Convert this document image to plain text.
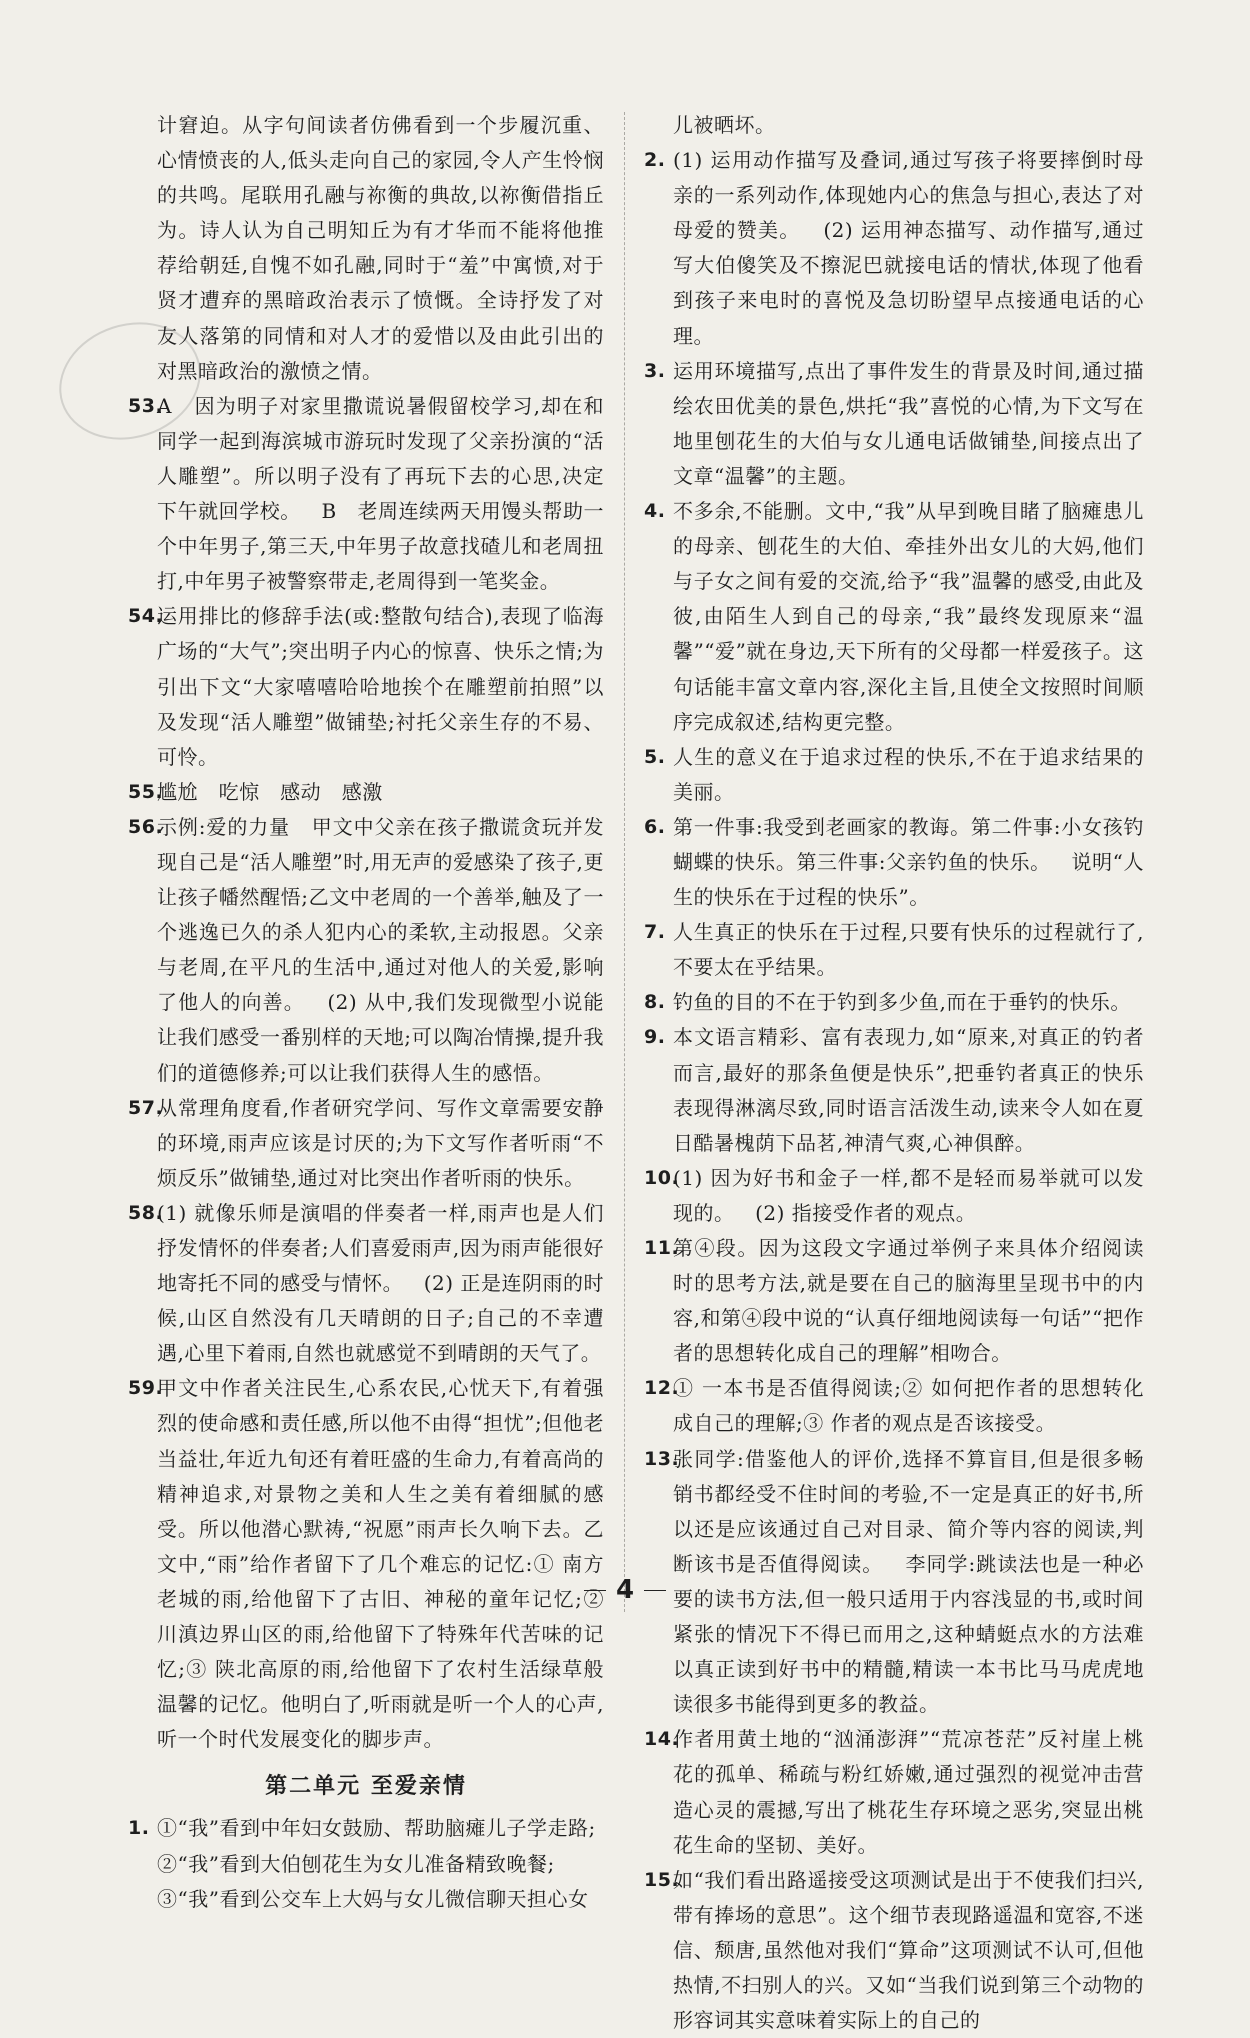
计窘迫。从字句间读者仿佛看到一个步履沉重、心情愤丧的人,低头走向自己的家园,令人产生怜悯的共鸣。尾联用孔融与祢衡的典故,以祢衡借指丘为。诗人认为自己明知丘为有才华而不能将他推荐给朝廷,自愧不如孔融,同时于“羞”中寓愤,对于贤才遭弃的黑暗政治表示了愤慨。全诗抒发了对友人落第的同情和对人才的爱惜以及由此引出的对黑暗政治的激愤之情。

53.
A   因为明子对家里撒谎说暑假留校学习,却在和同学一起到海滨城市游玩时发现了父亲扮演的“活人雕塑”。所以明子没有了再玩下去的心思,决定下午就回学校。   B   老周连续两天用馒头帮助一个中年男子,第三天,中年男子故意找碴儿和老周扭打,中年男子被警察带走,老周得到一笔奖金。
54.
运用排比的修辞手法(或:整散句结合),表现了临海广场的“大气”;突出明子内心的惊喜、快乐之情;为引出下文“大家嘻嘻哈哈地挨个在雕塑前拍照”以及发现“活人雕塑”做铺垫;衬托父亲生存的不易、可怜。
55.
尴尬   吃惊   感动   感激
56.
示例:爱的力量   甲文中父亲在孩子撒谎贪玩并发现自己是“活人雕塑”时,用无声的爱感染了孩子,更让孩子幡然醒悟;乙文中老周的一个善举,触及了一个逃逸已久的杀人犯内心的柔软,主动报恩。父亲与老周,在平凡的生活中,通过对他人的关爱,影响了他人的向善。   (2) 从中,我们发现微型小说能让我们感受一番别样的天地;可以陶冶情操,提升我们的道德修养;可以让我们获得人生的感悟。
57.
从常理角度看,作者研究学问、写作文章需要安静的环境,雨声应该是讨厌的;为下文写作者听雨“不烦反乐”做铺垫,通过对比突出作者听雨的快乐。
58.
(1) 就像乐师是演唱的伴奏者一样,雨声也是人们抒发情怀的伴奏者;人们喜爱雨声,因为雨声能很好地寄托不同的感受与情怀。   (2) 正是连阴雨的时候,山区自然没有几天晴朗的日子;自己的不幸遭遇,心里下着雨,自然也就感觉不到晴朗的天气了。
59.
甲文中作者关注民生,心系农民,心忧天下,有着强烈的使命感和责任感,所以他不由得“担忧”;但他老当益壮,年近九旬还有着旺盛的生命力,有着高尚的精神追求,对景物之美和人生之美有着细腻的感受。所以他潜心默祷,“祝愿”雨声长久响下去。乙文中,“雨”给作者留下了几个难忘的记忆:① 南方老城的雨,给他留下了古旧、神秘的童年记忆;② 川滇边界山区的雨,给他留下了特殊年代苦味的记忆;③ 陕北高原的雨,给他留下了农村生活绿草般温馨的记忆。他明白了,听雨就是听一个人的心声,听一个时代发展变化的脚步声。
第二单元 至爱亲情
1. ①“我”看到中年妇女鼓励、帮助脑瘫儿子学走路;
②“我”看到大伯刨花生为女儿准备精致晚餐;
③“我”看到公交车上大妈与女儿微信聊天担心女

儿被晒坏。

2. (1) 运用动作描写及叠词,通过写孩子将要摔倒时母亲的一系列动作,体现她内心的焦急与担心,表达了对母爱的赞美。   (2) 运用神态描写、动作描写,通过写大伯傻笑及不擦泥巴就接电话的情状,体现了他看到孩子来电时的喜悦及急切盼望早点接通电话的心理。
3. 运用环境描写,点出了事件发生的背景及时间,通过描绘农田优美的景色,烘托“我”喜悦的心情,为下文写在地里刨花生的大伯与女儿通电话做铺垫,间接点出了文章“温馨”的主题。
4. 不多余,不能删。文中,“我”从早到晚目睹了脑瘫患儿的母亲、刨花生的大伯、牵挂外出女儿的大妈,他们与子女之间有爱的交流,给予“我”温馨的感受,由此及彼,由陌生人到自己的母亲,“我”最终发现原来“温馨”“爱”就在身边,天下所有的父母都一样爱孩子。这句话能丰富文章内容,深化主旨,且使全文按照时间顺序完成叙述,结构更完整。
5. 人生的意义在于追求过程的快乐,不在于追求结果的美丽。
6. 第一件事:我受到老画家的教诲。第二件事:小女孩钓蝴蝶的快乐。第三件事:父亲钓鱼的快乐。   说明“人生的快乐在于过程的快乐”。
7. 人生真正的快乐在于过程,只要有快乐的过程就行了,不要太在乎结果。
8. 钓鱼的目的不在于钓到多少鱼,而在于垂钓的快乐。
9. 本文语言精彩、富有表现力,如“原来,对真正的钓者而言,最好的那条鱼便是快乐”,把垂钓者真正的快乐表现得淋漓尽致,同时语言活泼生动,读来令人如在夏日酷暑槐荫下品茗,神清气爽,心神俱醉。
10.
(1) 因为好书和金子一样,都不是轻而易举就可以发现的。   (2) 指接受作者的观点。
11.
第④段。因为这段文字通过举例子来具体介绍阅读时的思考方法,就是要在自己的脑海里呈现书中的内容,和第④段中说的“认真仔细地阅读每一句话”“把作者的思想转化成自己的理解”相吻合。
12.
① 一本书是否值得阅读;② 如何把作者的思想转化成自己的理解;③ 作者的观点是否该接受。
13.
张同学:借鉴他人的评价,选择不算盲目,但是很多畅销书都经受不住时间的考验,不一定是真正的好书,所以还是应该通过自己对目录、简介等内容的阅读,判断该书是否值得阅读。   李同学:跳读法也是一种必要的读书方法,但一般只适用于内容浅显的书,或时间紧张的情况下不得已而用之,这种蜻蜓点水的方法难以真正读到好书中的精髓,精读一本书比马马虎虎地读很多书能得到更多的教益。
14.
作者用黄土地的“汹涌澎湃”“荒凉苍茫”反衬崖上桃花的孤单、稀疏与粉红娇嫩,通过强烈的视觉冲击营造心灵的震撼,写出了桃花生存环境之恶劣,突显出桃花生命的坚韧、美好。
15.
如“我们看出路遥接受这项测试是出于不使我们扫兴,带有捧场的意思”。这个细节表现路遥温和宽容,不迷信、颓唐,虽然他对我们“算命”这项测试不认可,但他热情,不扫别人的兴。又如“当我们说到第三个动物的形容词其实意味着实际上的自己的
4
